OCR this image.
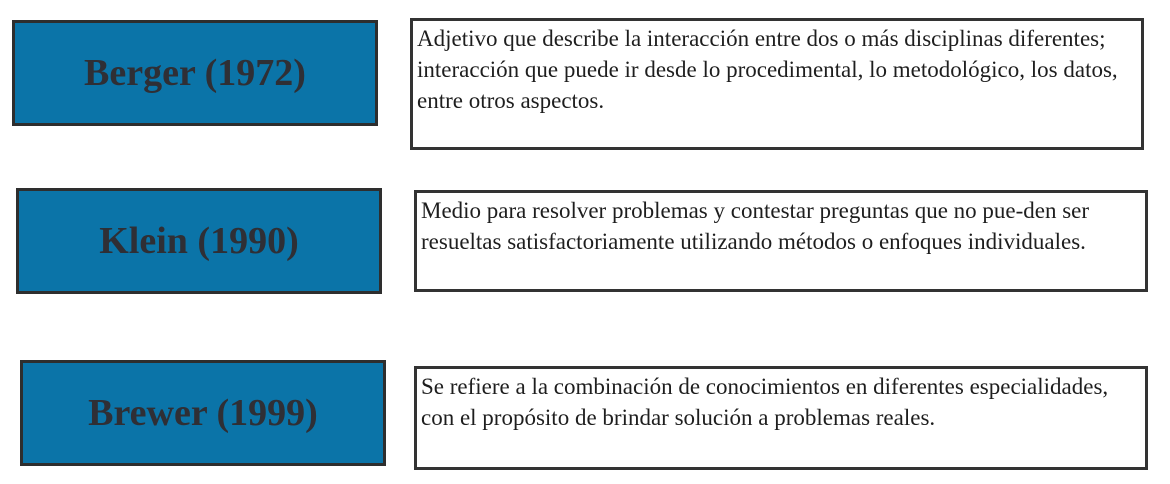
Berger (1972)
Adjetivo que describe la interacción entre dos o más disciplinas diferentes; interacción que puede ir desde lo procedimental, lo metodológico, los datos, entre otros aspectos.
Klein (1990)
Medio para resolver problemas y contestar preguntas que no pue-den ser resueltas satisfactoriamente utilizando métodos o enfoques individuales.
Brewer (1999)
Se refiere a la combinación de conocimientos en diferentes especialidades, con el propósito de brindar solución a problemas reales.
